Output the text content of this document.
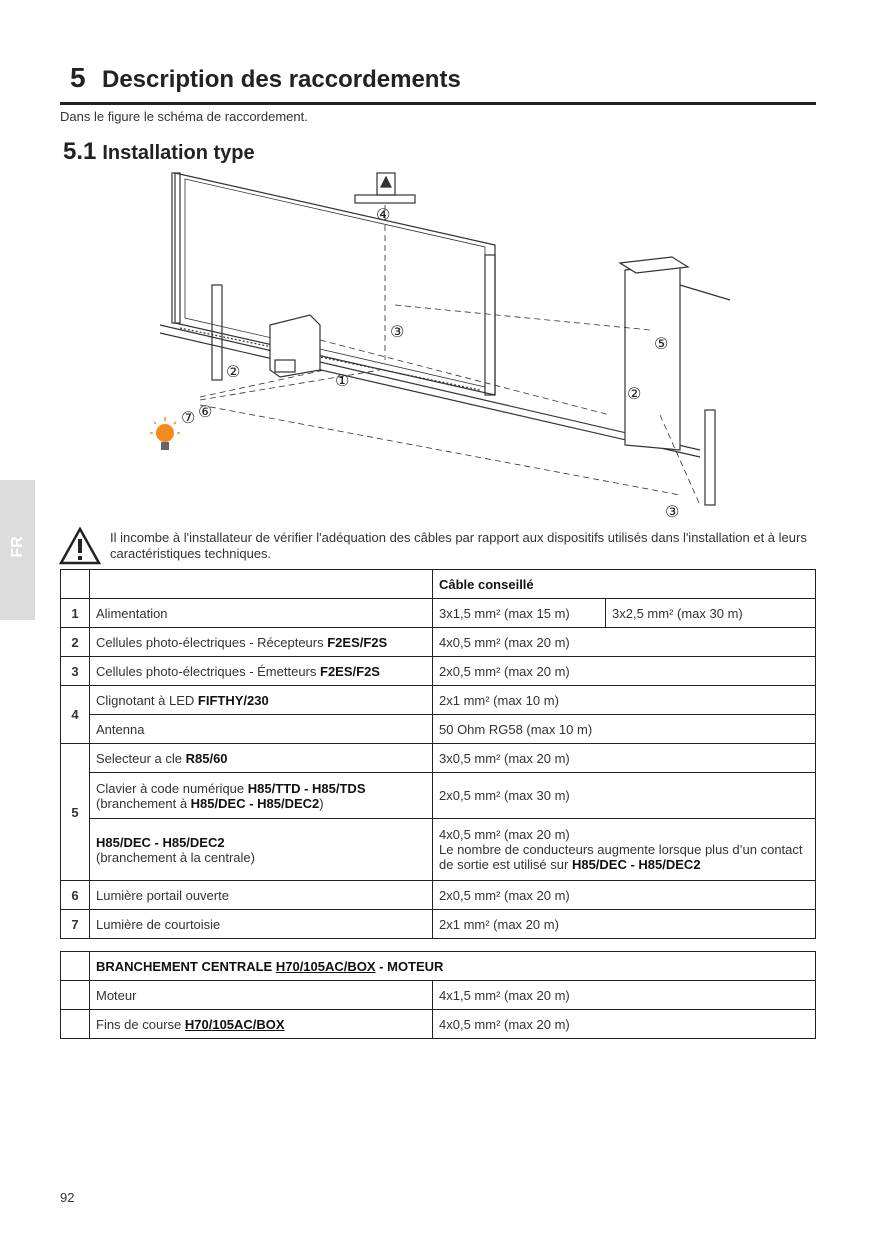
5 Description des raccordements
Dans le figure le schéma de raccordement.
5.1 Installation type
FR
①
②
②
③
③
④
⑤
⑥
⑦
Il incombe à l'installateur de vérifier l'adéquation des câbles par rapport aux dispositifs utilisés dans l'installation et à leurs caractéristiques techniques.
		Câble conseillé	
1	Alimentation	3x1,5 mm² (max 15 m)	3x2,5 mm² (max 30 m)
2	Cellules photo-électriques - Récepteurs F2ES/F2S	4x0,5 mm² (max 20 m)	
3	Cellules photo-électriques - Émetteurs F2ES/F2S	2x0,5 mm² (max 20 m)	
4	Clignotant à LED FIFTHY/230	2x1 mm² (max 10 m)	
	Antenna	50 Ohm RG58 (max 10 m)	
5	Selecteur a cle R85/60	3x0,5 mm² (max 20 m)	
	Clavier à code numérique H85/TTD - H85/TDS
(branchement à H85/DEC - H85/DEC2)	2x0,5 mm² (max 30 m)	
	H85/DEC - H85/DEC2
(branchement à la centrale)	4x0,5 mm² (max 20 m)
Le nombre de conducteurs augmente lorsque plus d’un contact de sortie est utilisé sur H85/DEC - H85/DEC2	
6	Lumière portail ouverte	2x0,5 mm² (max 20 m)	
7	Lumière de courtoisie	2x1 mm² (max 20 m)	
	BRANCHEMENT CENTRALE H70/105AC/BOX - MOTEUR	
	Moteur	4x1,5 mm² (max 20 m)
	Fins de course H70/105AC/BOX	4x0,5 mm² (max 20 m)
92
